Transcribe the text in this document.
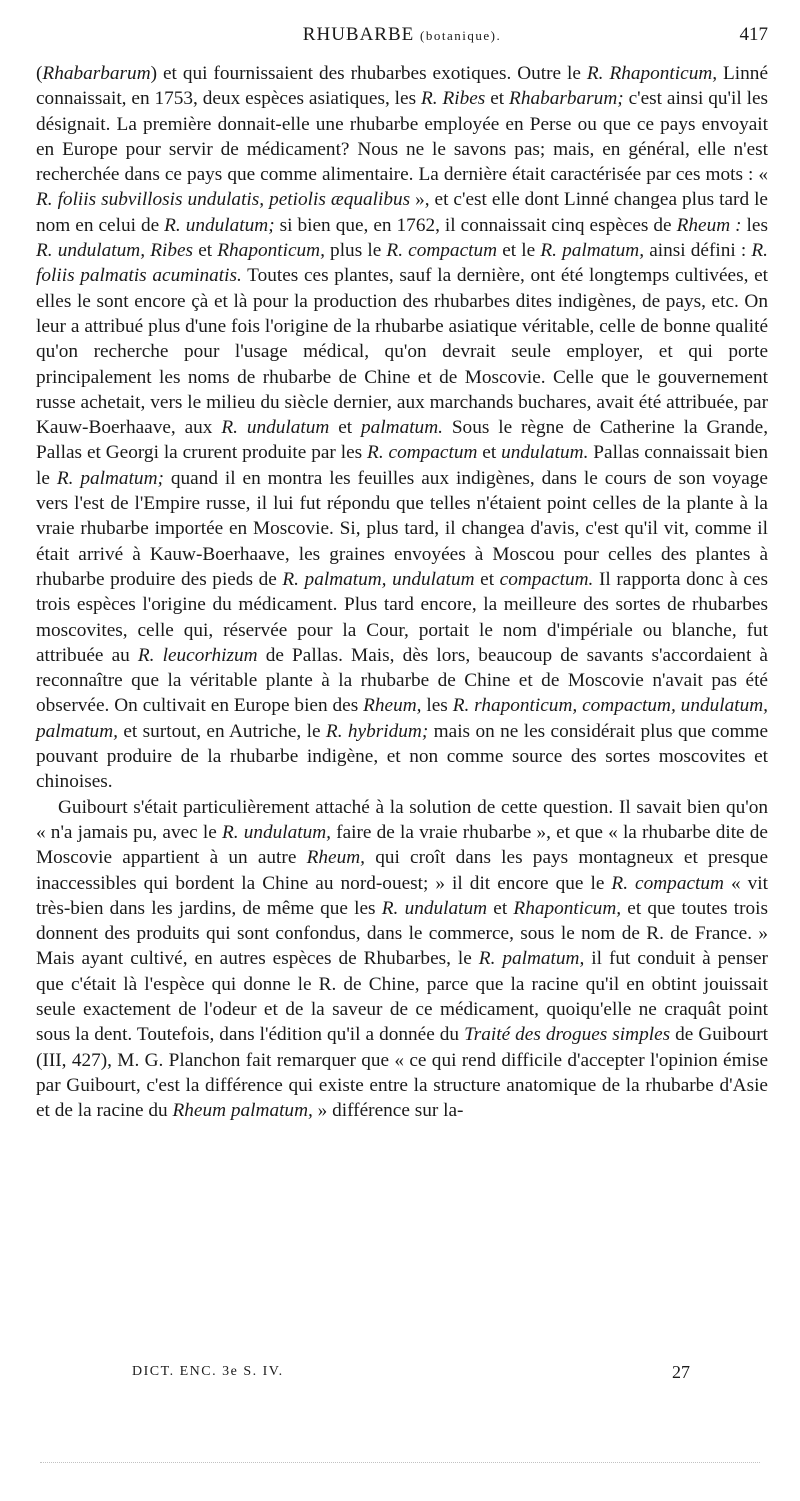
RHUBARBE (botanique).	417

(Rhabarbarum) et qui fournissaient des rhubarbes exotiques. Outre le R. Rhaponticum, Linné connaissait, en 1753, deux espèces asiatiques, les R. Ribes et Rhabarbarum; c'est ainsi qu'il les désignait. La première donnait-elle une rhubarbe employée en Perse ou que ce pays envoyait en Europe pour servir de médicament? Nous ne le savons pas; mais, en général, elle n'est recherchée dans ce pays que comme alimentaire. La dernière était caractérisée par ces mots : « R. foliis subvillosis undulatis, petiolis æqualibus », et c'est elle dont Linné changea plus tard le nom en celui de R. undulatum; si bien que, en 1762, il connaissait cinq espèces de Rheum : les R. undulatum, Ribes et Rhaponticum, plus le R. compactum et le R. palmatum, ainsi défini : R. foliis palmatis acuminatis. Toutes ces plantes, sauf la dernière, ont été longtemps cultivées, et elles le sont encore çà et là pour la production des rhubarbes dites indigènes, de pays, etc. On leur a attribué plus d'une fois l'origine de la rhubarbe asiatique véritable, celle de bonne qualité qu'on recherche pour l'usage médical, qu'on devrait seule employer, et qui porte principalement les noms de rhubarbe de Chine et de Moscovie. Celle que le gouvernement russe achetait, vers le milieu du siècle dernier, aux marchands buchares, avait été attribuée, par Kauw-Boerhaave, aux R. undulatum et palmatum. Sous le règne de Catherine la Grande, Pallas et Georgi la crurent produite par les R. compactum et undulatum. Pallas connaissait bien le R. palmatum; quand il en montra les feuilles aux indigènes, dans le cours de son voyage vers l'est de l'Empire russe, il lui fut répondu que telles n'étaient point celles de la plante à la vraie rhubarbe importée en Moscovie. Si, plus tard, il changea d'avis, c'est qu'il vit, comme il était arrivé à Kauw-Boerhaave, les graines envoyées à Moscou pour celles des plantes à rhubarbe produire des pieds de R. palmatum, undulatum et compactum. Il rapporta donc à ces trois espèces l'origine du médicament. Plus tard encore, la meilleure des sortes de rhubarbes moscovites, celle qui, réservée pour la Cour, portait le nom d'impériale ou blanche, fut attribuée au R. leucorhizum de Pallas. Mais, dès lors, beaucoup de savants s'accordaient à reconnaître que la véritable plante à la rhubarbe de Chine et de Moscovie n'avait pas été observée. On cultivait en Europe bien des Rheum, les R. rhaponticum, compactum, undulatum, palmatum, et surtout, en Autriche, le R. hybridum; mais on ne les considérait plus que comme pouvant produire de la rhubarbe indigène, et non comme source des sortes moscovites et chinoises.

Guibourt s'était particulièrement attaché à la solution de cette question. Il savait bien qu'on « n'a jamais pu, avec le R. undulatum, faire de la vraie rhubarbe », et que « la rhubarbe dite de Moscovie appartient à un autre Rheum, qui croît dans les pays montagneux et presque inaccessibles qui bordent la Chine au nord-ouest; » il dit encore que le R. compactum « vit très-bien dans les jardins, de même que les R. undulatum et Rhaponticum, et que toutes trois donnent des produits qui sont confondus, dans le commerce, sous le nom de R. de France. » Mais ayant cultivé, en autres espèces de Rhubarbes, le R. palmatum, il fut conduit à penser que c'était là l'espèce qui donne le R. de Chine, parce que la racine qu'il en obtint jouissait seule exactement de l'odeur et de la saveur de ce médicament, quoiqu'elle ne craquât point sous la dent. Toutefois, dans l'édition qu'il a donnée du Traité des drogues simples de Guibourt (III, 427), M. G. Planchon fait remarquer que « ce qui rend difficile d'accepter l'opinion émise par Guibourt, c'est la différence qui existe entre la structure anatomique de la rhubarbe d'Asie et de la racine du Rheum palmatum, » différence sur la-

DICT. ENC. 3e S. IV.	27
